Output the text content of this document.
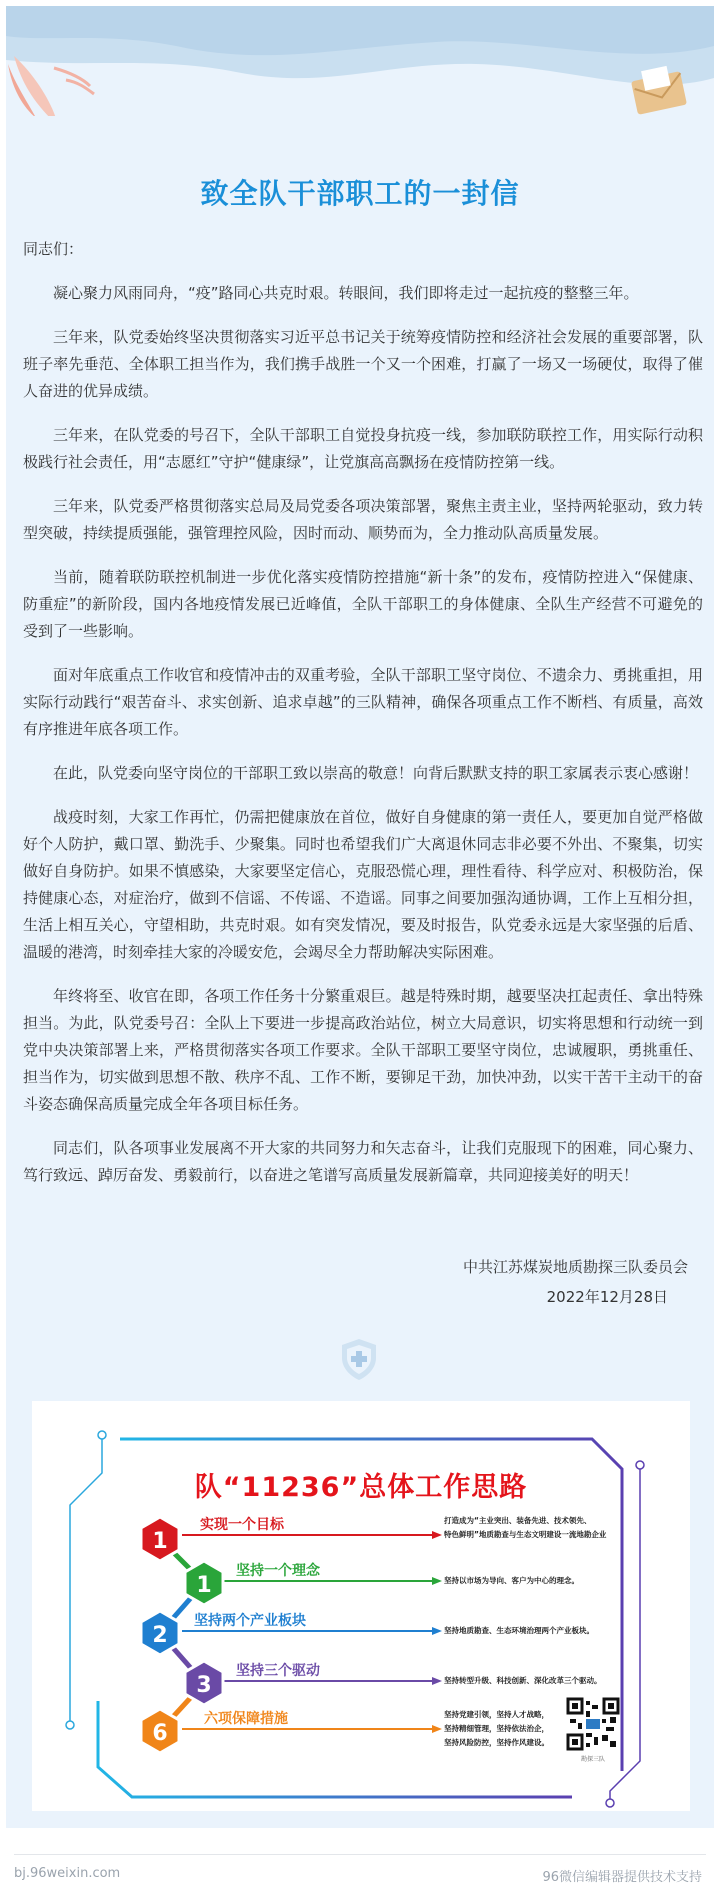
致全队干部职工的一封信

同志们：

凝心聚力风雨同舟，“疫”路同心共克时艰。转眼间，我们即将走过一起抗疫的整整三年。

三年来，队党委始终坚决贯彻落实习近平总书记关于统筹疫情防控和经济社会发展的重要部署，队班子率先垂范、全体职工担当作为，我们携手战胜一个又一个困难，打赢了一场又一场硬仗，取得了催人奋进的优异成绩。

三年来，在队党委的号召下，全队干部职工自觉投身抗疫一线，参加联防联控工作，用实际行动积极践行社会责任，用“志愿红”守护“健康绿”，让党旗高高飘扬在疫情防控第一线。

三年来，队党委严格贯彻落实总局及局党委各项决策部署，聚焦主责主业，坚持两轮驱动，致力转型突破，持续提质强能，强管理控风险，因时而动、顺势而为，全力推动队高质量发展。

当前，随着联防联控机制进一步优化落实疫情防控措施“新十条”的发布，疫情防控进入“保健康、防重症”的新阶段，国内各地疫情发展已近峰值，全队干部职工的身体健康、全队生产经营不可避免的受到了一些影响。

面对年底重点工作收官和疫情冲击的双重考验，全队干部职工坚守岗位、不遗余力、勇挑重担，用实际行动践行“艰苦奋斗、求实创新、追求卓越”的三队精神，确保各项重点工作不断档、有质量，高效有序推进年底各项工作。

在此，队党委向坚守岗位的干部职工致以崇高的敬意！向背后默默支持的职工家属表示衷心感谢！

战疫时刻，大家工作再忙，仍需把健康放在首位，做好自身健康的第一责任人，要更加自觉严格做好个人防护，戴口罩、勤洗手、少聚集。同时也希望我们广大离退休同志非必要不外出、不聚集，切实做好自身防护。如果不慎感染，大家要坚定信心，克服恐慌心理，理性看待、科学应对、积极防治，保持健康心态，对症治疗，做到不信谣、不传谣、不造谣。同事之间要加强沟通协调，工作上互相分担，生活上相互关心，守望相助，共克时艰。如有突发情况，要及时报告，队党委永远是大家坚强的后盾、温暖的港湾，时刻牵挂大家的冷暖安危，会竭尽全力帮助解决实际困难。

年终将至、收官在即，各项工作任务十分繁重艰巨。越是特殊时期，越要坚决扛起责任、拿出特殊担当。为此，队党委号召：全队上下要进一步提高政治站位，树立大局意识，切实将思想和行动统一到党中央决策部署上来，严格贯彻落实各项工作要求。全队干部职工要坚守岗位，忠诚履职，勇挑重任、担当作为，切实做到思想不散、秩序不乱、工作不断，要铆足干劲，加快冲劲，以实干苦干主动干的奋斗姿态确保高质量完成全年各项目标任务。

同志们，队各项事业发展离不开大家的共同努力和矢志奋斗，让我们克服现下的困难，同心聚力、笃行致远、踔厉奋发、勇毅前行，以奋进之笔谱写高质量发展新篇章，共同迎接美好的明天！

中共江苏煤炭地质勘探三队委员会
2022年12月28日
队“11236”总体工作思路
1
实现一个目标	打造成为“主业突出、装备先进、技术领先、
特色鲜明”地质勘查与生态文明建设一流地勘企业
1
坚持一个理念
坚持以市场为导向、客户为中心的理念。
2
坚持两个产业板块
坚持地质勘查、生态环境治理两个产业板块。
3
坚持三个驱动
坚持转型升级、科技创新、深化改革三个驱动。
6
六项保障措施	坚持党建引领，坚持人才战略，
坚持精细管理，坚持依法治企，
坚持风险防控，坚持作风建设。
勘探三队
bj.96weixin.com	96微信编辑器提供技术支持
